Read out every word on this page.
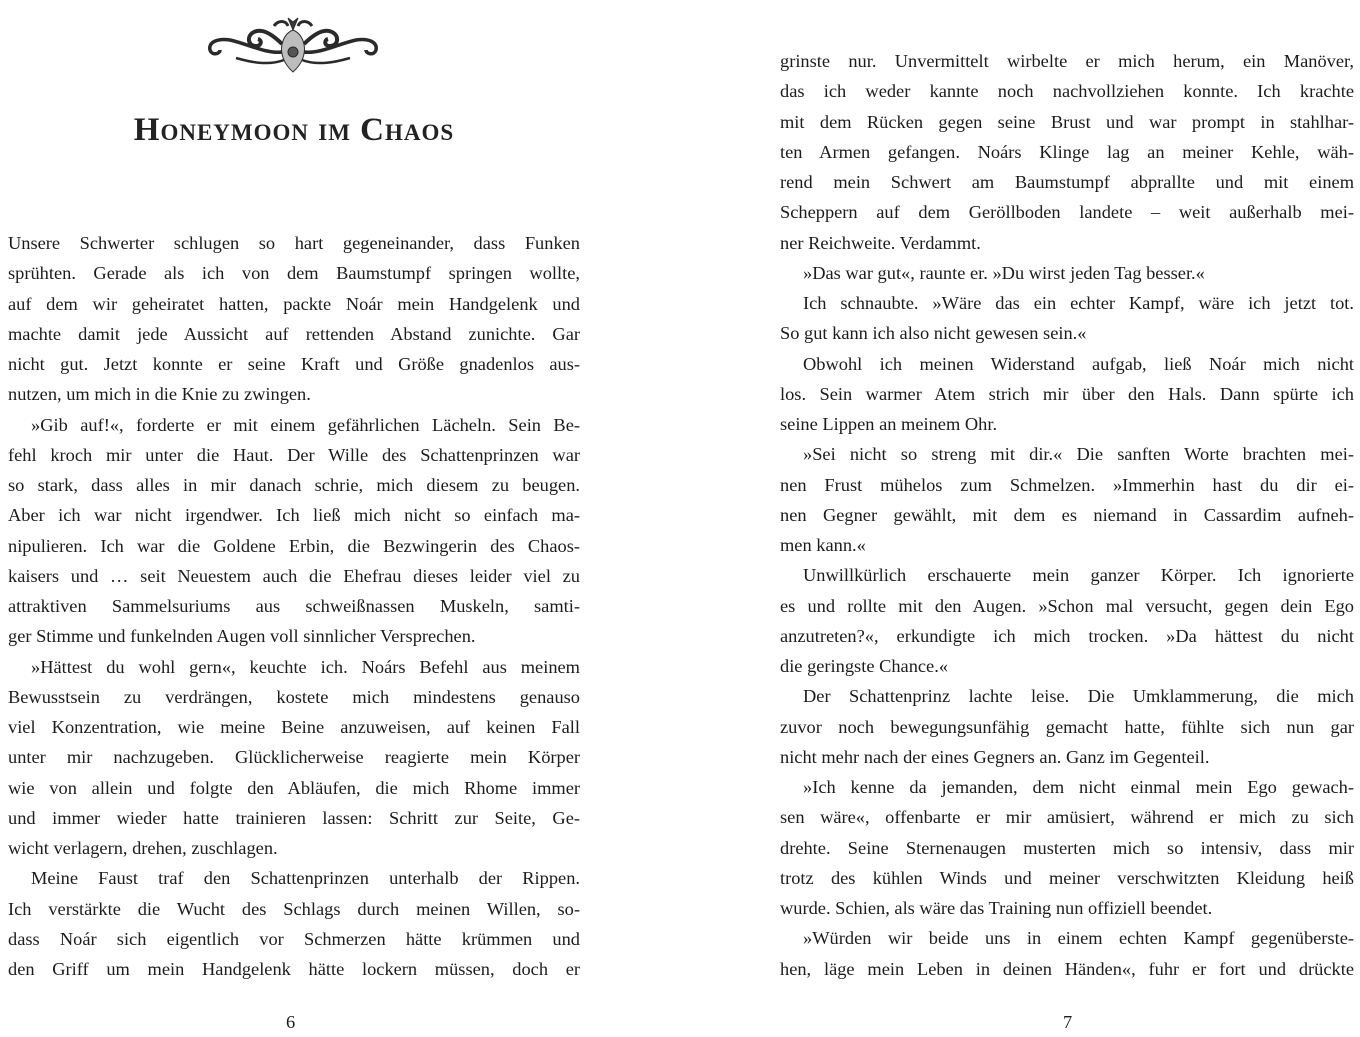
Honeymoon im Chaos

Unsere Schwerter schlugen so hart gegeneinander, dass Funken

sprühten. Gerade als ich von dem Baumstumpf springen wollte,

auf dem wir geheiratet hatten, packte Noár mein Handgelenk und

machte damit jede Aussicht auf rettenden Abstand zunichte. Gar

nicht gut. Jetzt konnte er seine Kraft und Größe gnadenlos aus-

nutzen, um mich in die Knie zu zwingen.

»Gib auf!«, forderte er mit einem gefährlichen Lächeln. Sein Be-

fehl kroch mir unter die Haut. Der Wille des Schattenprinzen war

so stark, dass alles in mir danach schrie, mich diesem zu beugen.

Aber ich war nicht irgendwer. Ich ließ mich nicht so einfach ma-

nipulieren. Ich war die Goldene Erbin, die Bezwingerin des Chaos-

kaisers und … seit Neuestem auch die Ehefrau dieses leider viel zu

attraktiven Sammelsuriums aus schweißnassen Muskeln, samti-

ger Stimme und funkelnden Augen voll sinnlicher Versprechen.

»Hättest du wohl gern«, keuchte ich. Noárs Befehl aus meinem

Bewusstsein zu verdrängen, kostete mich mindestens genauso

viel Konzentration, wie meine Beine anzuweisen, auf keinen Fall

unter mir nachzugeben. Glücklicherweise reagierte mein Körper

wie von allein und folgte den Abläufen, die mich Rhome immer

und immer wieder hatte trainieren lassen: Schritt zur Seite, Ge-

wicht verlagern, drehen, zuschlagen.

Meine Faust traf den Schattenprinzen unterhalb der Rippen.

Ich verstärkte die Wucht des Schlags durch meinen Willen, so-

dass Noár sich eigentlich vor Schmerzen hätte krümmen und

den Griff um mein Handgelenk hätte lockern müssen, doch er

6

grinste nur. Unvermittelt wirbelte er mich herum, ein Manöver,

das ich weder kannte noch nachvollziehen konnte. Ich krachte

mit dem Rücken gegen seine Brust und war prompt in stahlhar-

ten Armen gefangen. Noárs Klinge lag an meiner Kehle, wäh-

rend mein Schwert am Baumstumpf abprallte und mit einem

Scheppern auf dem Geröllboden landete – weit außerhalb mei-

ner Reichweite. Verdammt.

»Das war gut«, raunte er. »Du wirst jeden Tag besser.«

Ich schnaubte. »Wäre das ein echter Kampf, wäre ich jetzt tot.

So gut kann ich also nicht gewesen sein.«

Obwohl ich meinen Widerstand aufgab, ließ Noár mich nicht

los. Sein warmer Atem strich mir über den Hals. Dann spürte ich

seine Lippen an meinem Ohr.

»Sei nicht so streng mit dir.« Die sanften Worte brachten mei-

nen Frust mühelos zum Schmelzen. »Immerhin hast du dir ei-

nen Gegner gewählt, mit dem es niemand in Cassardim aufneh-

men kann.«

Unwillkürlich erschauerte mein ganzer Körper. Ich ignorierte

es und rollte mit den Augen. »Schon mal versucht, gegen dein Ego

anzutreten?«, erkundigte ich mich trocken. »Da hättest du nicht

die geringste Chance.«

Der Schattenprinz lachte leise. Die Umklammerung, die mich

zuvor noch bewegungsunfähig gemacht hatte, fühlte sich nun gar

nicht mehr nach der eines Gegners an. Ganz im Gegenteil.

»Ich kenne da jemanden, dem nicht einmal mein Ego gewach-

sen wäre«, offenbarte er mir amüsiert, während er mich zu sich

drehte. Seine Sternenaugen musterten mich so intensiv, dass mir

trotz des kühlen Winds und meiner verschwitzten Kleidung heiß

wurde. Schien, als wäre das Training nun offiziell beendet.

»Würden wir beide uns in einem echten Kampf gegenüberste-

hen, läge mein Leben in deinen Händen«, fuhr er fort und drückte

7
